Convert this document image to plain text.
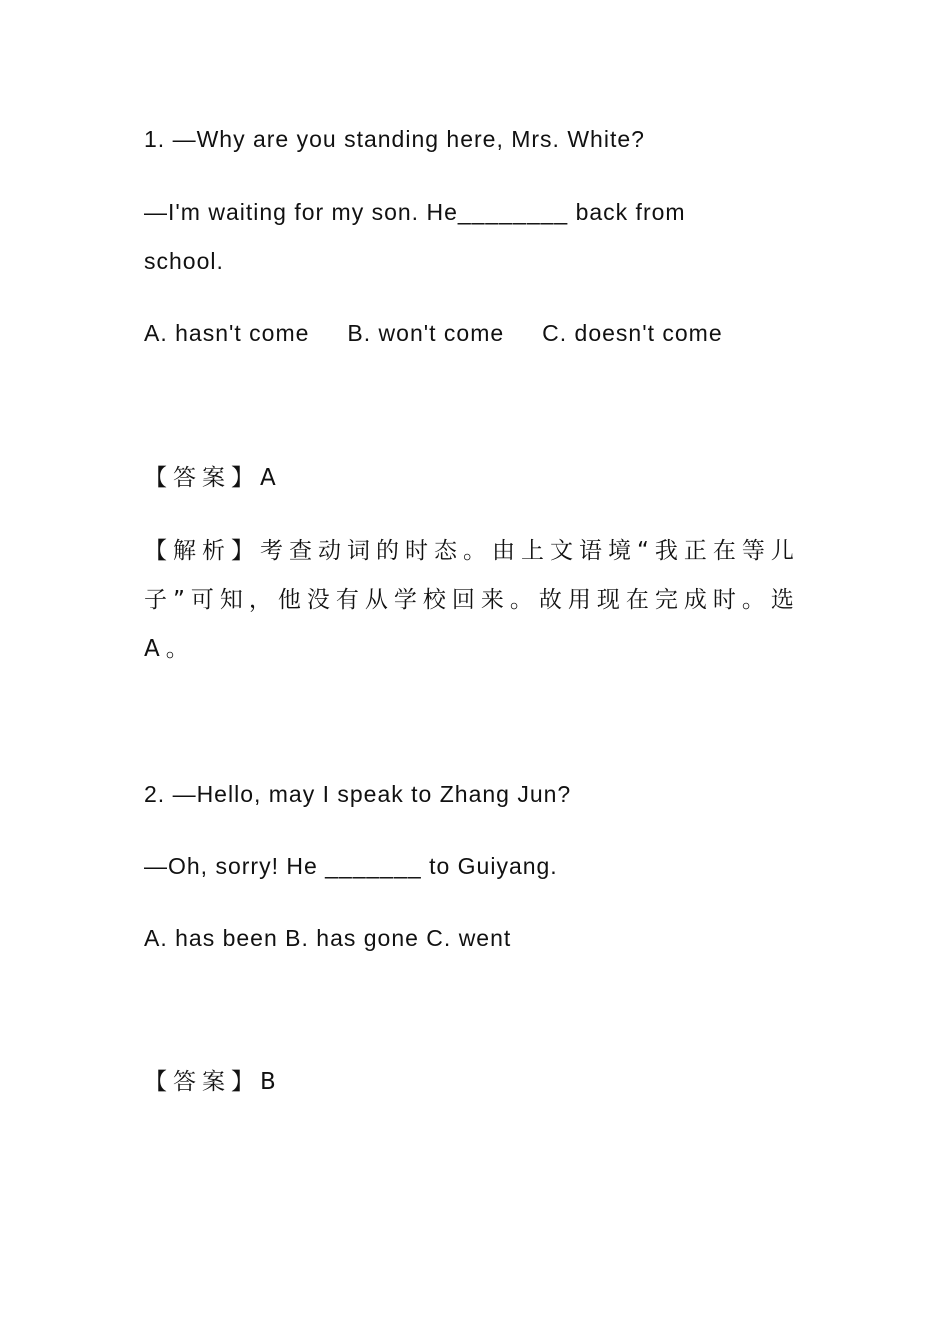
1. —Why are you standing here, Mrs. White?
—I'm waiting for my son. He________ back from
school.
A. hasn't come B. won't come C. doesn't come
【答案】A
【解析】考查动词的时态。由上文语境“我正在等儿
子”可知，他没有从学校回来。故用现在完成时。选
A。
2. —Hello, may I speak to Zhang Jun?
—Oh, sorry! He _______ to Guiyang.
A. has been B. has gone C. went
【答案】B
